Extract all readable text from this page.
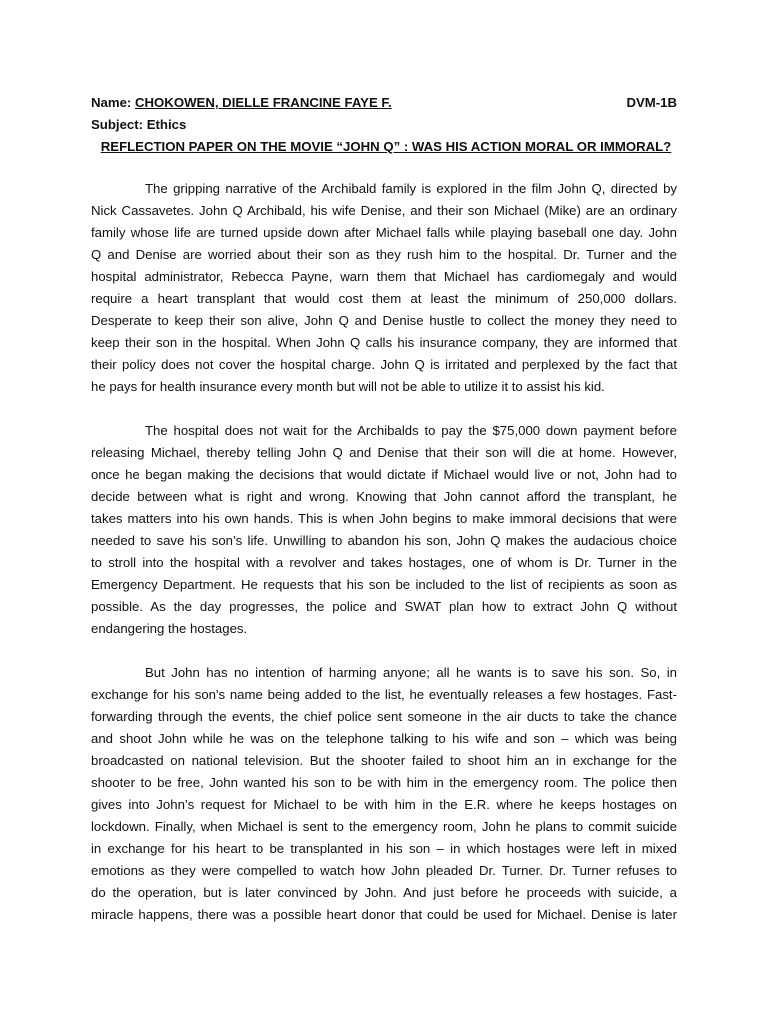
Name: CHOKOWEN, DIELLE FRANCINE FAYE F.	DVM-1B
Subject: Ethics
REFLECTION PAPER ON THE MOVIE “JOHN Q” : WAS HIS ACTION MORAL OR IMMORAL?
The gripping narrative of the Archibald family is explored in the film John Q, directed by
Nick Cassavetes. John Q Archibald, his wife Denise, and their son Michael (Mike) are an ordinary
family whose life are turned upside down after Michael falls while playing baseball one day. John
Q and Denise are worried about their son as they rush him to the hospital. Dr. Turner and the
hospital administrator, Rebecca Payne, warn them that Michael has cardiomegaly and would
require a heart transplant that would cost them at least the minimum of 250,000 dollars.
Desperate to keep their son alive, John Q and Denise hustle to collect the money they need to
keep their son in the hospital. When John Q calls his insurance company, they are informed that
their policy does not cover the hospital charge. John Q is irritated and perplexed by the fact that
he pays for health insurance every month but will not be able to utilize it to assist his kid.
The hospital does not wait for the Archibalds to pay the $75,000 down payment before
releasing Michael, thereby telling John Q and Denise that their son will die at home. However,
once he began making the decisions that would dictate if Michael would live or not, John had to
decide between what is right and wrong. Knowing that John cannot afford the transplant, he
takes matters into his own hands. This is when John begins to make immoral decisions that were
needed to save his son’s life. Unwilling to abandon his son, John Q makes the audacious choice
to stroll into the hospital with a revolver and takes hostages, one of whom is Dr. Turner in the
Emergency Department. He requests that his son be included to the list of recipients as soon as
possible. As the day progresses, the police and SWAT plan how to extract John Q without
endangering the hostages.
But John has no intention of harming anyone; all he wants is to save his son. So, in
exchange for his son's name being added to the list, he eventually releases a few hostages. Fast-
forwarding through the events, the chief police sent someone in the air ducts to take the chance
and shoot John while he was on the telephone talking to his wife and son – which was being
broadcasted on national television. But the shooter failed to shoot him an in exchange for the
shooter to be free, John wanted his son to be with him in the emergency room. The police then
gives into John’s request for Michael to be with him in the E.R. where he keeps hostages on
lockdown. Finally, when Michael is sent to the emergency room, John he plans to commit suicide
in exchange for his heart to be transplanted in his son – in which hostages were left in mixed
emotions as they were compelled to watch how John pleaded Dr. Turner. Dr. Turner refuses to
do the operation, but is later convinced by John. And just before he proceeds with suicide, a
miracle happens, there was a possible heart donor that could be used for Michael. Denise is later
